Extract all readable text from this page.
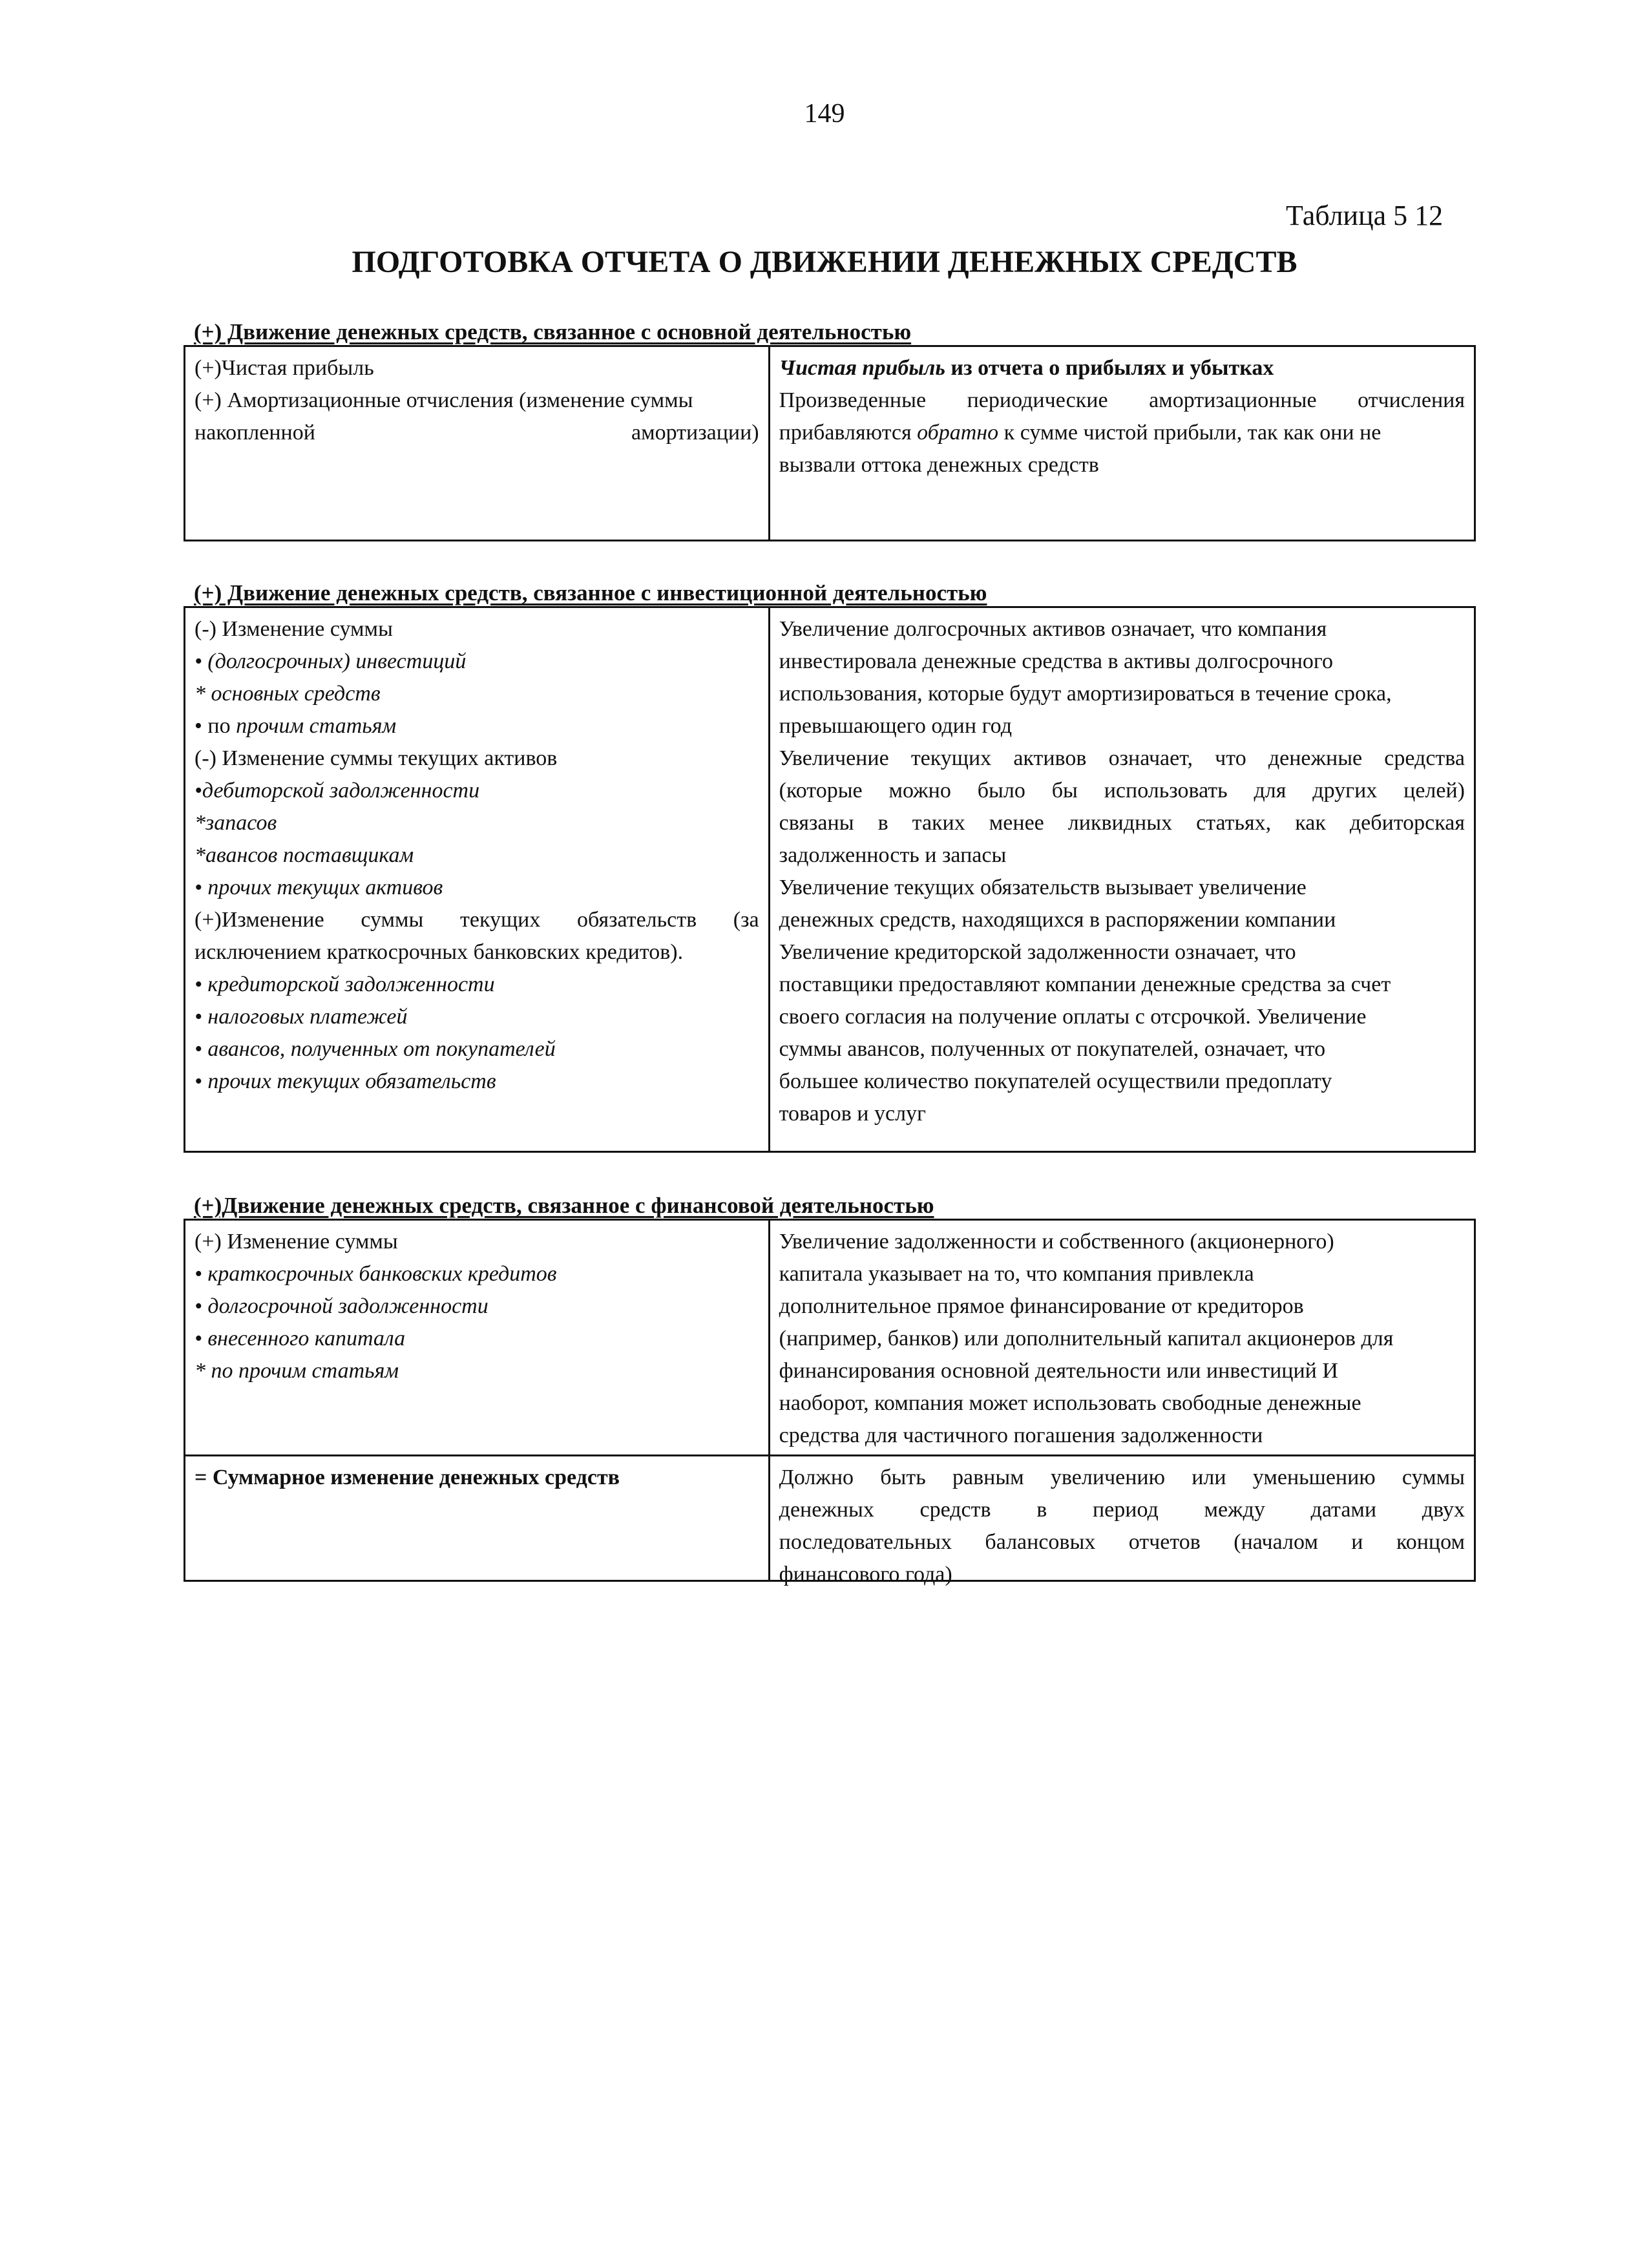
149
Таблица 5 12
ПОДГОТОВКА ОТЧЕТА О ДВИЖЕНИИ ДЕНЕЖНЫХ СРЕДСТВ
(+) Движение денежных средств, связанное с основной деятельностью
(+)Чистая прибыль
(+) Амортизационные отчисления (изменение суммы
накопленной	амортизации)
Чистая прибыль из отчета о прибылях и убытках
Произведенные периодические амортизационные отчисления
прибавляются обратно к сумме чистой прибыли, так как они не
вызвали оттока денежных средств
(+) Движение денежных средств, связанное с инвестиционной деятельностью
(-) Изменение суммы
• (долгосрочных) инвестиций
* основных средств
• по прочим статьям
(-) Изменение суммы текущих активов
•дебиторской задолженности
*запасов
*авансов поставщикам
• прочих текущих активов
(+)Изменение суммы текущих обязательств (за
исключением краткосрочных банковских кредитов).
• кредиторской задолженности
• налоговых платежей
• авансов, полученных от покупателей
• прочих текущих обязательств
Увеличение долгосрочных активов означает, что компания
инвестировала денежные средства в активы долгосрочного
использования, которые будут амортизироваться в течение срока,
превышающего один год
Увеличение текущих активов означает, что денежные средства
(которые можно было бы использовать для других целей)
связаны в таких менее ликвидных статьях, как дебиторская
задолженность и запасы
Увеличение текущих обязательств вызывает увеличение
денежных средств, находящихся в распоряжении компании
Увеличение кредиторской задолженности означает, что
поставщики предоставляют компании денежные средства за счет
своего согласия на получение оплаты с отсрочкой. Увеличение
суммы авансов, полученных от покупателей, означает, что
большее количество покупателей осуществили предоплату
товаров и услуг
(+)Движение денежных средств, связанное с финансовой деятельностью
(+) Изменение суммы
• краткосрочных банковских кредитов
• долгосрочной задолженности
• внесенного капитала
* по прочим статьям
Увеличение задолженности и собственного (акционерного)
капитала указывает на то, что компания привлекла
дополнительное прямое финансирование от кредиторов
(например, банков) или дополнительный капитал акционеров для
финансирования основной деятельности или инвестиций И
наоборот, компания может использовать свободные денежные
средства для частичного погашения задолженности
= Суммарное изменение денежных средств	Должно быть равным увеличению или уменьшению суммы
денежных средств в период между датами двух
последовательных балансовых отчетов (началом и концом
финансового года)
